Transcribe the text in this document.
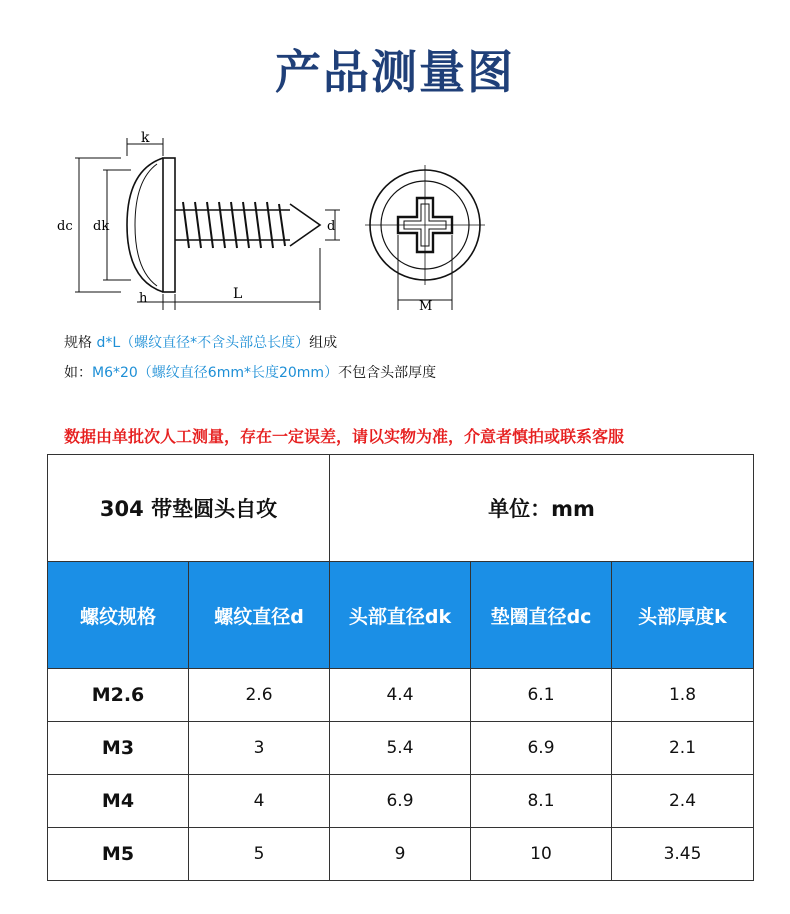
产品测量图
k
dc dk	d
h	L
M
规格 d*L（螺纹直径*不含头部总长度）组成
如：M6*20（螺纹直径6mm*长度20mm）不包含头部厚度
数据由单批次人工测量，存在一定误差，请以实物为准，介意者慎拍或联系客服
304 带垫圆头自攻		单位：mm		
螺纹规格	螺纹直径d	头部直径dk	垫圈直径dc	头部厚度k
M2.6	2.6	4.4	6.1	1.8
M3	3	5.4	6.9	2.1
M4	4	6.9	8.1	2.4
M5	5	9	10	3.45
